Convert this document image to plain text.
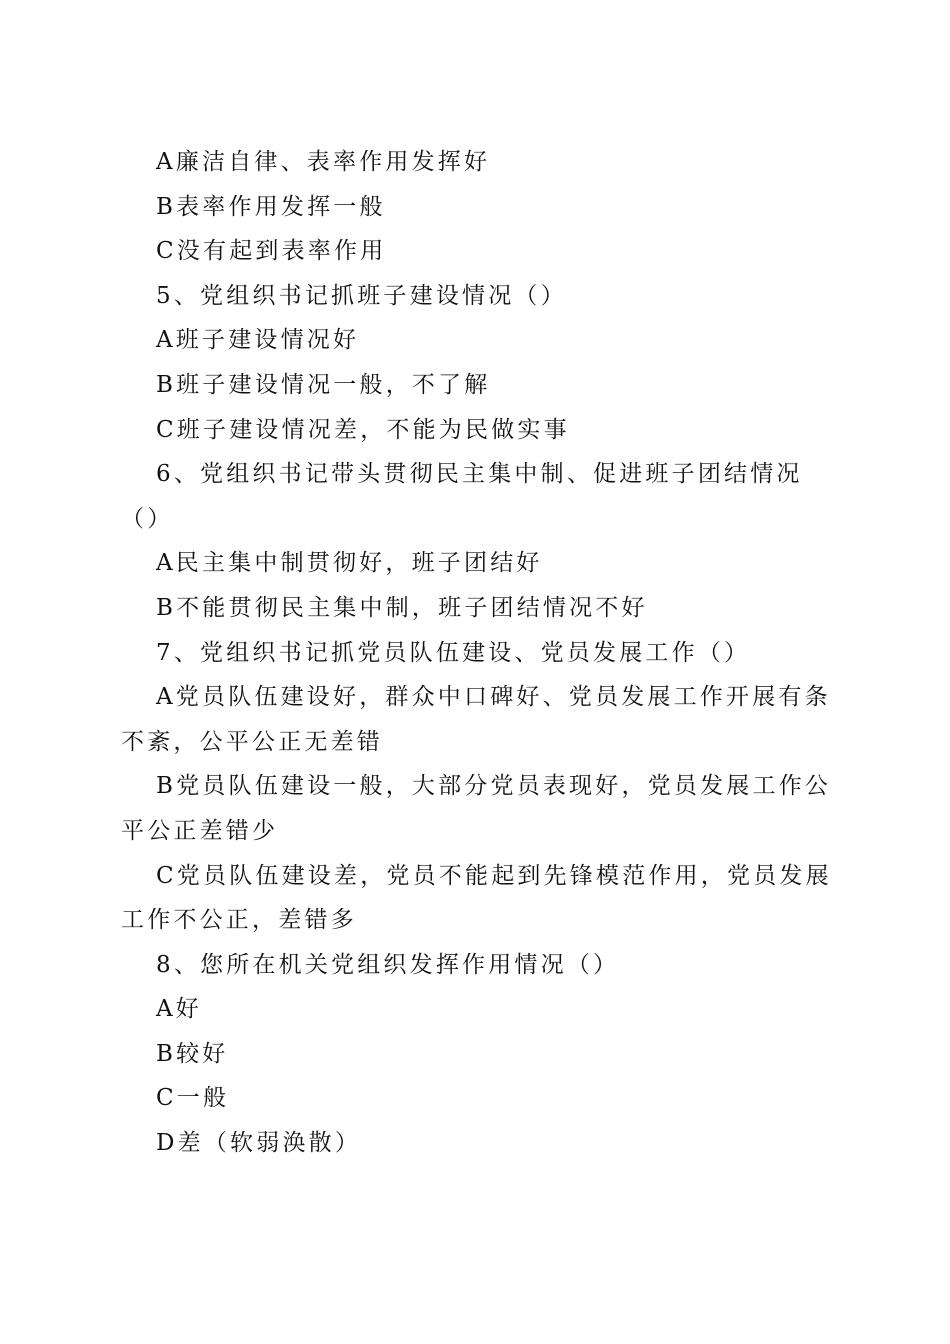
A廉洁自律、表率作用发挥好

B表率作用发挥一般

C没有起到表率作用

5、党组织书记抓班子建设情况（）

A班子建设情况好

B班子建设情况一般，不了解

C班子建设情况差，不能为民做实事

6、党组织书记带头贯彻民主集中制、促进班子团结情况

（）

A民主集中制贯彻好，班子团结好

B不能贯彻民主集中制，班子团结情况不好

7、党组织书记抓党员队伍建设、党员发展工作（）

A党员队伍建设好，群众中口碑好、党员发展工作开展有条

不紊，公平公正无差错

B党员队伍建设一般，大部分党员表现好，党员发展工作公

平公正差错少

C党员队伍建设差，党员不能起到先锋模范作用，党员发展

工作不公正，差错多

8、您所在机关党组织发挥作用情况（）

A好

B较好

C一般

D差（软弱涣散）
